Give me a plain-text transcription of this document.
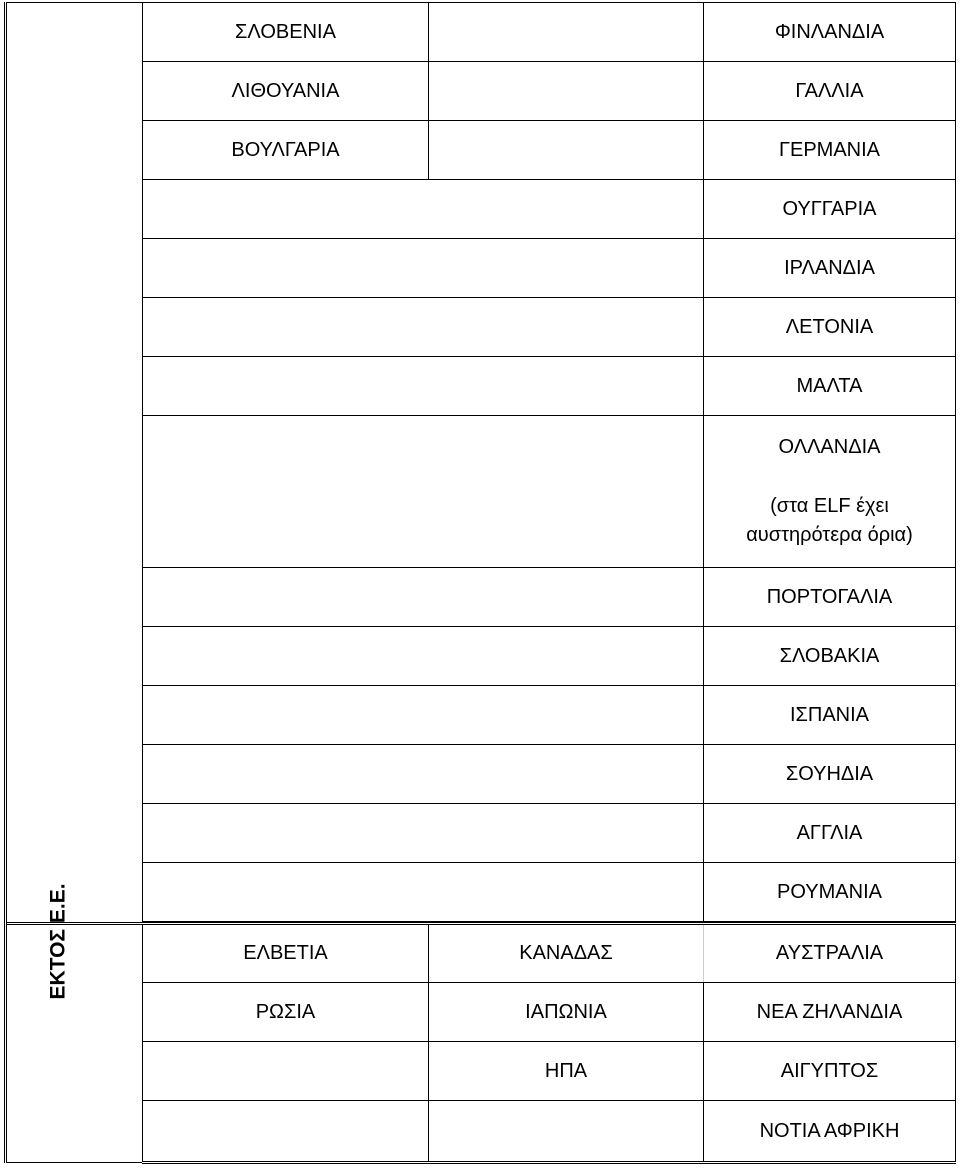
	ΣΛΟΒΕΝΙΑ		ΦΙΝΛΑΝΔΙΑ
	ΛΙΘΟΥΑΝΙΑ		ΓΑΛΛΙΑ
	ΒΟΥΛΓΑΡΙΑ		ΓΕΡΜΑΝΙΑ
			ΟΥΓΓΑΡΙΑ
			ΙΡΛΑΝΔΙΑ
			ΛΕΤΟΝΙΑ
			ΜΑΛΤΑ

			ΟΛΛΑΝΔΙΑ
(στα ELF έχει
αυστηρότερα όρια)

			ΠΟΡΤΟΓΑΛΙΑ
			ΣΛΟΒΑΚΙΑ
			ΙΣΠΑΝΙΑ
			ΣΟΥΗΔΙΑ
			ΑΓΓΛΙΑ
			ΡΟΥΜΑΝΙΑ

ΕΚΤΟΣ Ε.Ε.	ΕΛΒΕΤΙΑ	ΚΑΝΑΔΑΣ	ΑΥΣΤΡΑΛΙΑ
	ΡΩΣΙΑ	ΙΑΠΩΝΙΑ	ΝΕΑ ΖΗΛΑΝΔΙΑ
		ΗΠΑ	ΑΙΓΥΠΤΟΣ
			ΝΟΤΙΑ ΑΦΡΙΚΗ
